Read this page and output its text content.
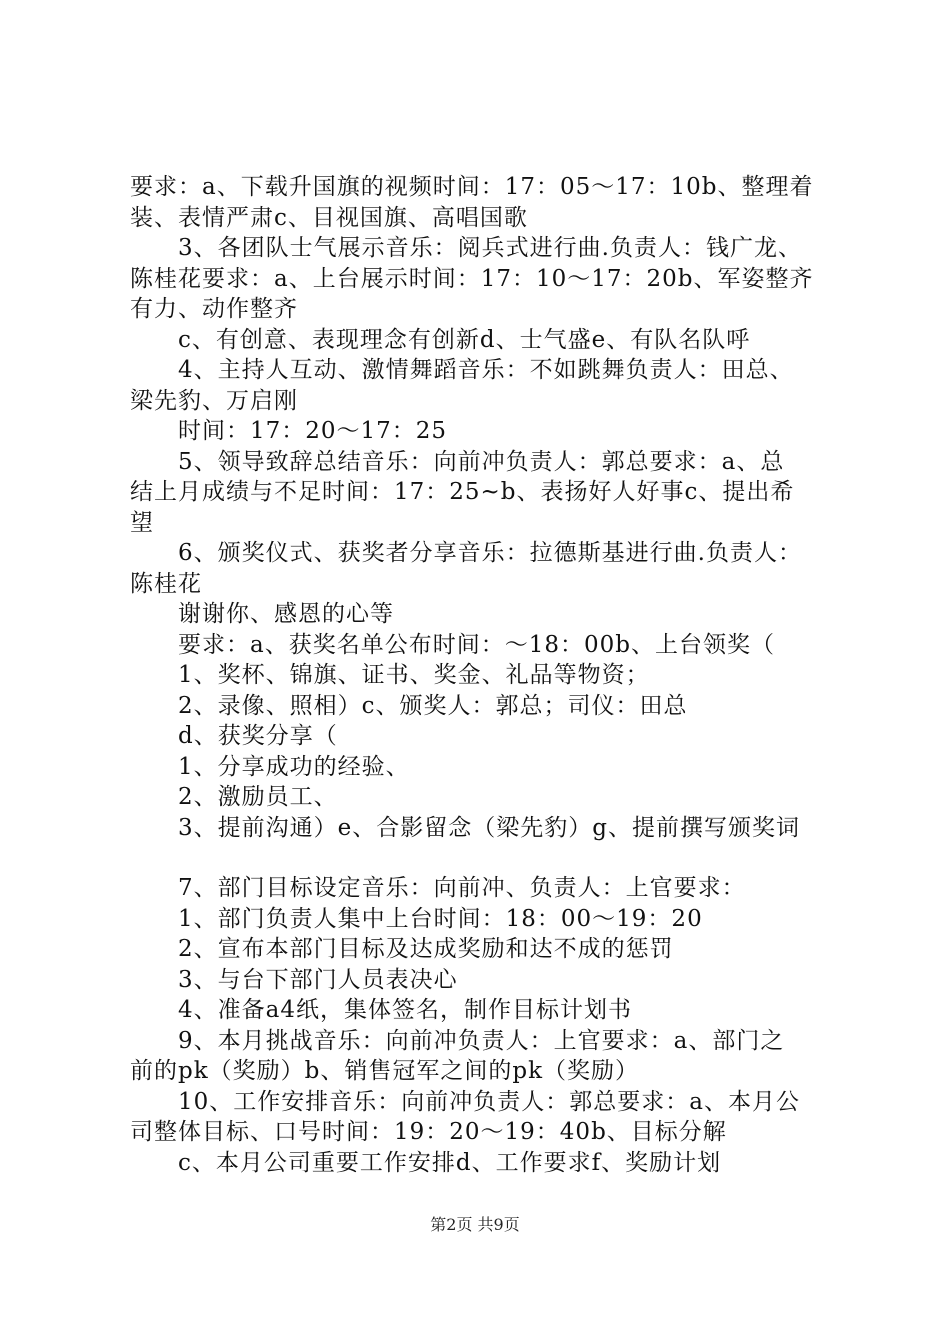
要求：a、下载升国旗的视频时间：17：05～17：10b、整理着
装、表情严肃c、目视国旗、高唱国歌
3、各团队士气展示音乐：阅兵式进行曲.负责人：钱广龙、
陈桂花要求：a、上台展示时间：17：10～17：20b、军姿整齐
有力、动作整齐
c、有创意、表现理念有创新d、士气盛e、有队名队呼
4、主持人互动、激情舞蹈音乐：不如跳舞负责人：田总、
梁先豹、万启刚
时间：17：20～17：25
5、领导致辞总结音乐：向前冲负责人：郭总要求：a、总
结上月成绩与不足时间：17：25~b、表扬好人好事c、提出希
望
6、颁奖仪式、获奖者分享音乐：拉德斯基进行曲.负责人：
陈桂花
谢谢你、感恩的心等
要求：a、获奖名单公布时间：～18：00b、上台领奖（
1、奖杯、锦旗、证书、奖金、礼品等物资；
2、录像、照相）c、颁奖人：郭总；司仪：田总
d、获奖分享（
1、分享成功的经验、
2、激励员工、
3、提前沟通）e、合影留念（梁先豹）g、提前撰写颁奖词
7、部门目标设定音乐：向前冲、负责人：上官要求：
1、部门负责人集中上台时间：18：00～19：20
2、宣布本部门目标及达成奖励和达不成的惩罚
3、与台下部门人员表决心
4、准备a4纸，集体签名，制作目标计划书
9、本月挑战音乐：向前冲负责人：上官要求：a、部门之
前的pk（奖励）b、销售冠军之间的pk（奖励）
10、工作安排音乐：向前冲负责人：郭总要求：a、本月公
司整体目标、口号时间：19：20～19：40b、目标分解
c、本月公司重要工作安排d、工作要求f、奖励计划
第2页 共9页
